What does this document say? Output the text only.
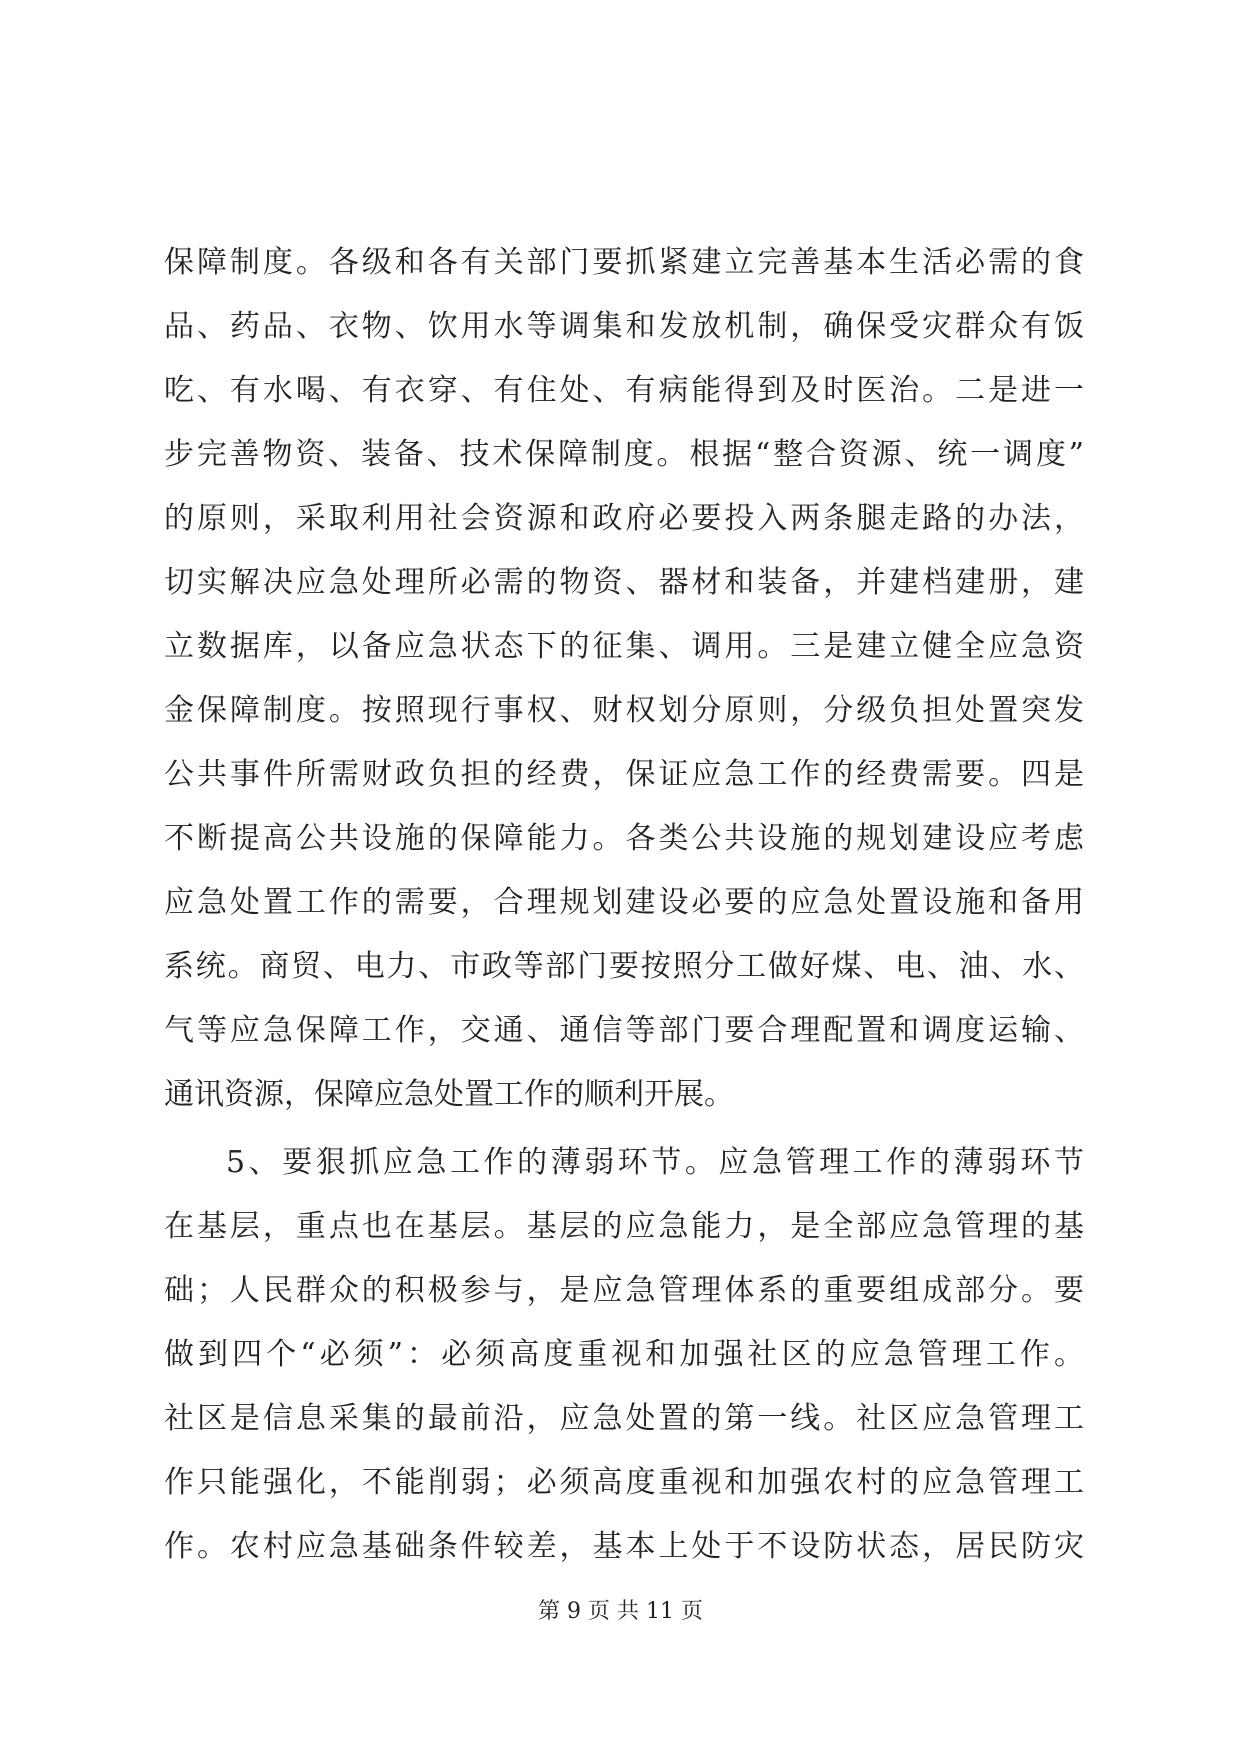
保障制度。各级和各有关部门要抓紧建立完善基本生活必需的食
品、药品、衣物、饮用水等调集和发放机制，确保受灾群众有饭
吃、有水喝、有衣穿、有住处、有病能得到及时医治。二是进一
步完善物资、装备、技术保障制度。根据“整合资源、统一调度”
的原则，采取利用社会资源和政府必要投入两条腿走路的办法，
切实解决应急处理所必需的物资、器材和装备，并建档建册，建
立数据库，以备应急状态下的征集、调用。三是建立健全应急资
金保障制度。按照现行事权、财权划分原则，分级负担处置突发
公共事件所需财政负担的经费，保证应急工作的经费需要。四是
不断提高公共设施的保障能力。各类公共设施的规划建设应考虑
应急处置工作的需要，合理规划建设必要的应急处置设施和备用
系统。商贸、电力、市政等部门要按照分工做好煤、电、油、水、
气等应急保障工作，交通、通信等部门要合理配置和调度运输、
通讯资源，保障应急处置工作的顺利开展。
5、要狠抓应急工作的薄弱环节。应急管理工作的薄弱环节
在基层，重点也在基层。基层的应急能力，是全部应急管理的基
础；人民群众的积极参与，是应急管理体系的重要组成部分。要
做到四个“必须”：必须高度重视和加强社区的应急管理工作。
社区是信息采集的最前沿，应急处置的第一线。社区应急管理工
作只能强化，不能削弱；必须高度重视和加强农村的应急管理工
作。农村应急基础条件较差，基本上处于不设防状态，居民防灾
第 9 页 共 11 页
